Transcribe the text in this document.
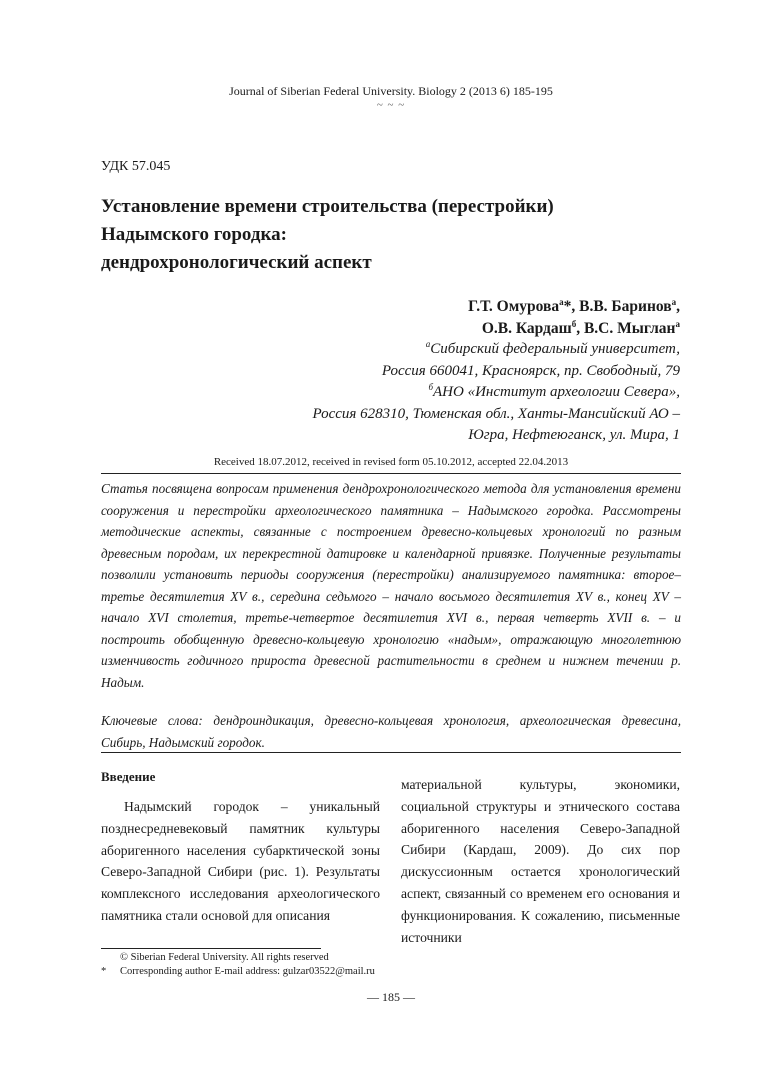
Journal of Siberian Federal University. Biology 2 (2013 6) 185-195
~ ~ ~
УДК 57.045
Установление времени строительства (перестройки)
Надымского городка:
дендрохронологический аспект
Г.Т. Омурова$^а$*, В.В. Баринов$^а$,
О.В. Кардаш$^б$, В.С. Мыглан$^а$
$^а$Сибирский федеральный университет,
Россия 660041, Красноярск, пр. Свободный, 79
$^б$АНО «Институт археологии Севера»,
Россия 628310, Тюменская обл., Ханты-Мансийский АО –
Югра, Нефтеюганск, ул. Мира, 1
Received 18.07.2012, received in revised form 05.10.2012, accepted 22.04.2013
Статья посвящена вопросам применения дендрохронологического метода для установления времени сооружения и перестройки археологического памятника – Надымского городка. Рассмотрены методические аспекты, связанные с построением древесно-кольцевых хронологий по разным древесным породам, их перекрестной датировке и календарной привязке. Полученные результаты позволили установить периоды сооружения (перестройки) анализируемого памятника: второе–третье десятилетия XV в., середина седьмого – начало восьмого десятилетия XV в., конец XV – начало XVI столетия, третье-четвертое десятилетия XVI в., первая четверть XVII в. – и построить обобщенную древесно-кольцевую хронологию «надым», отражающую многолетнюю изменчивость годичного прироста древесной растительности в среднем и нижнем течении р. Надым.
Ключевые слова: дендроиндикация, древесно-кольцевая хронология, археологическая древесина, Сибирь, Надымский городок.
Введение
Надымский городок – уникальный позднесредневековый памятник культуры аборигенного населения субарктической зоны Северо-Западной Сибири (рис. 1). Результаты комплексного исследования археологического памятника стали основой для описания
материальной культуры, экономики, социальной структуры и этнического состава аборигенного населения Северо-Западной Сибири (Кардаш, 2009). До сих пор дискуссионным остается хронологический аспект, связанный со временем его основания и функционирования. К сожалению, письменные источники
© Siberian Federal University. All rights reserved
* Corresponding author E-mail address: gulzar03522@mail.ru
— 185 —
